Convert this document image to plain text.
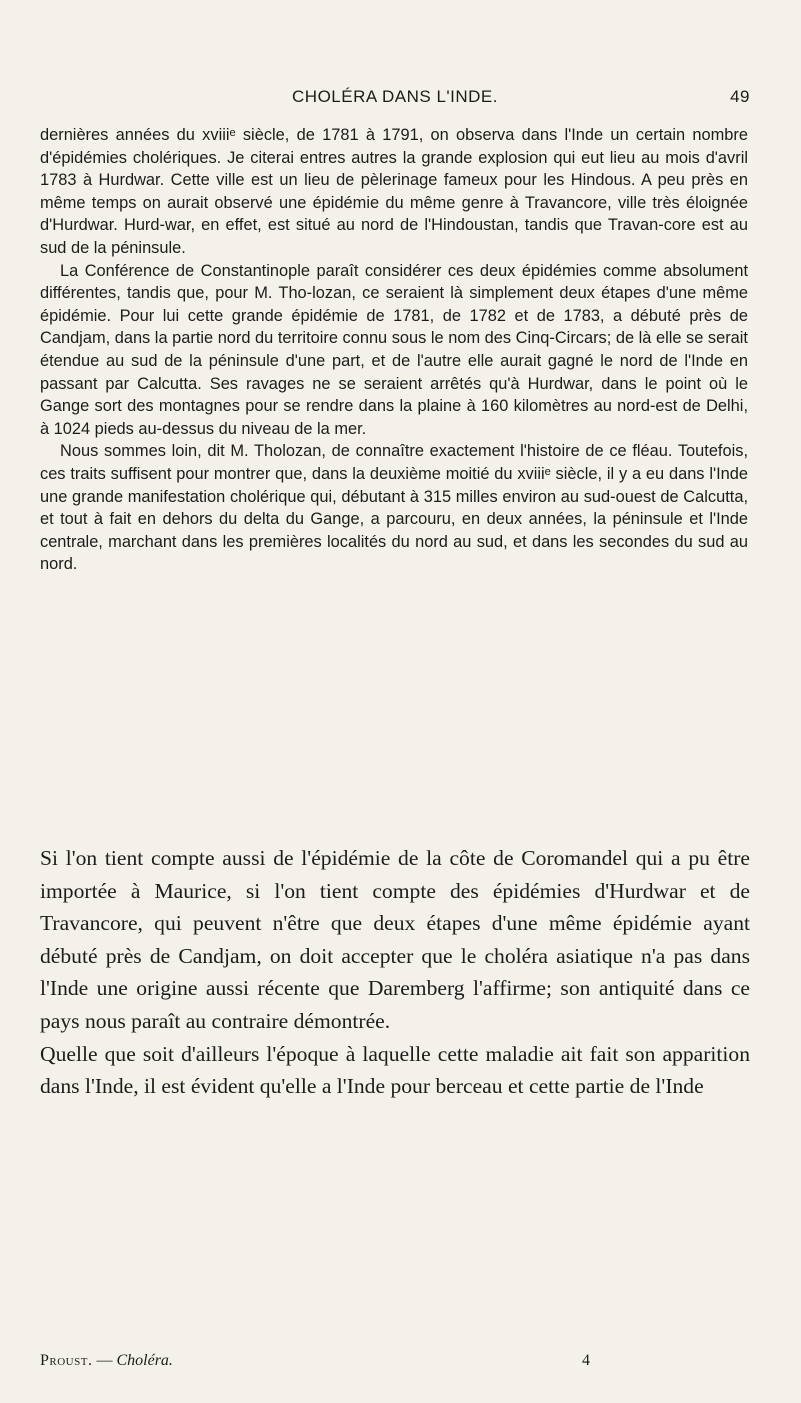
CHOLÉRA DANS L'INDE.	49

dernières années du xviiiᵉ siècle, de 1781 à 1791, on observa dans l'Inde un certain nombre d'épidémies cholériques. Je citerai entres autres la grande explosion qui eut lieu au mois d'avril 1783 à Hurdwar. Cette ville est un lieu de pèlerinage fameux pour les Hindous. A peu près en même temps on aurait observé une épidémie du même genre à Travancore, ville très éloignée d'Hurdwar. Hurd-war, en effet, est situé au nord de l'Hindoustan, tandis que Travan-core est au sud de la péninsule.

La Conférence de Constantinople paraît considérer ces deux épidémies comme absolument différentes, tandis que, pour M. Tho-lozan, ce seraient là simplement deux étapes d'une même épidémie. Pour lui cette grande épidémie de 1781, de 1782 et de 1783, a débuté près de Candjam, dans la partie nord du territoire connu sous le nom des Cinq-Circars; de là elle se serait étendue au sud de la péninsule d'une part, et de l'autre elle aurait gagné le nord de l'Inde en passant par Calcutta. Ses ravages ne se seraient arrêtés qu'à Hurdwar, dans le point où le Gange sort des montagnes pour se rendre dans la plaine à 160 kilomètres au nord-est de Delhi, à 1024 pieds au-dessus du niveau de la mer.

Nous sommes loin, dit M. Tholozan, de connaître exactement l'histoire de ce fléau. Toutefois, ces traits suffisent pour montrer que, dans la deuxième moitié du xviiiᵉ siècle, il y a eu dans l'Inde une grande manifestation cholérique qui, débutant à 315 milles environ au sud-ouest de Calcutta, et tout à fait en dehors du delta du Gange, a parcouru, en deux années, la péninsule et l'Inde centrale, marchant dans les premières localités du nord au sud, et dans les secondes du sud au nord.

Si l'on tient compte aussi de l'épidémie de la côte de Coromandel qui a pu être importée à Maurice, si l'on tient compte des épidémies d'Hurdwar et de Travancore, qui peuvent n'être que deux étapes d'une même épidémie ayant débuté près de Candjam, on doit accepter que le choléra asiatique n'a pas dans l'Inde une origine aussi récente que Daremberg l'affirme; son antiquité dans ce pays nous paraît au contraire démontrée.

Quelle que soit d'ailleurs l'époque à laquelle cette maladie ait fait son apparition dans l'Inde, il est évident qu'elle a l'Inde pour berceau et cette partie de l'Inde

Proust. — Choléra.	4
